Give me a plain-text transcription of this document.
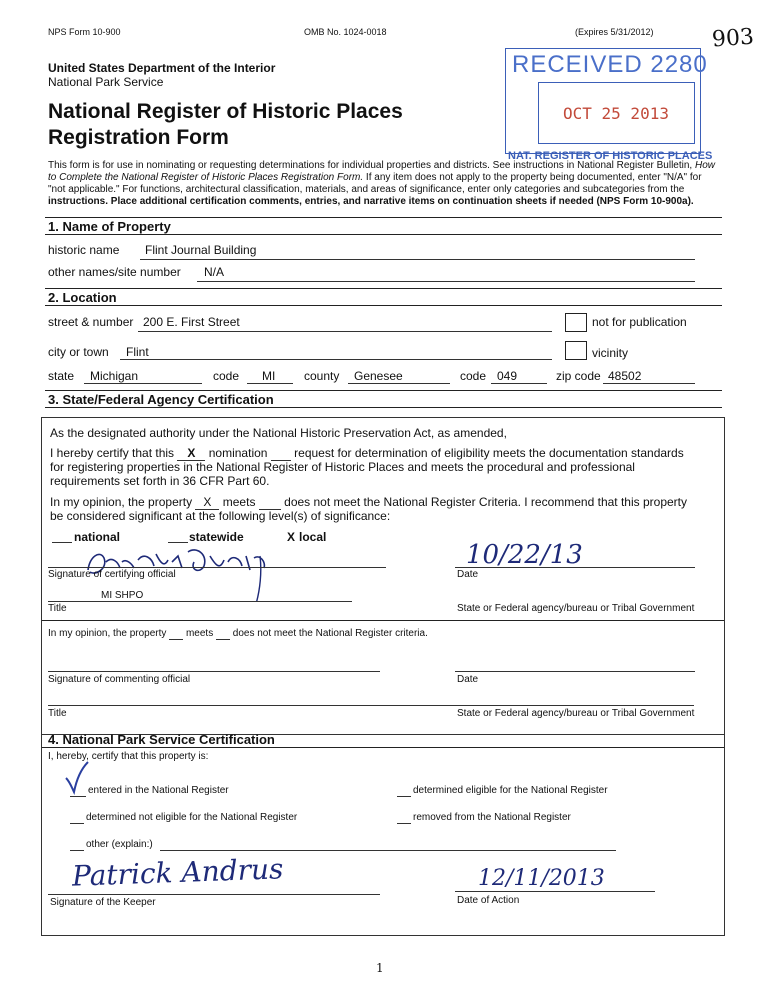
NPS Form 10-900	OMB No. 1024-0018	(Expires 5/31/2012)	903
RECEIVED 2280
OCT 25 2013
NAT. REGISTER OF HISTORIC PLACES
United States Department of the Interior
National Park Service
National Register of Historic Places
Registration Form
This form is for use in nominating or requesting determinations for individual properties and districts. See instructions in National Register Bulletin, How
to Complete the National Register of Historic Places Registration Form. If any item does not apply to the property being documented, enter "N/A" for
"not applicable." For functions, architectural classification, materials, and areas of significance, enter only categories and subcategories from the
instructions. Place additional certification comments, entries, and narrative items on continuation sheets if needed (NPS Form 10-900a).
1. Name of Property
historic name Flint Journal Building
other names/site number N/A
2. Location
street & number 200 E. First Street	not for publication
city or town Flint	vicinity
state Michigan	code MI county Genesee	code 049	zip code 48502
3. State/Federal Agency Certification
As the designated authority under the National Historic Preservation Act, as amended,
I hereby certify that this X nomination request for determination of eligibility meets the documentation standards
for registering properties in the National Register of Historic Places and meets the procedural and professional
requirements set forth in 36 CFR Part 60.
In my opinion, the property X meets does not meet the National Register Criteria. I recommend that this property
be considered significant at the following level(s) of significance:
national	statewide	X local
Signature of certifying official
10/22/13
Date
MI SHPO
Title	State or Federal agency/bureau or Tribal Government
In my opinion, the property meets does not meet the National Register criteria.
Signature of commenting official	Date
Title	State or Federal agency/bureau or Tribal Government
4. National Park Service Certification
I, hereby, certify that this property is:
entered in the National Register	determined eligible for the National Register
determined not eligible for the National Register	removed from the National Register
other (explain:)
Patrick Andrus
Signature of the Keeper
12/11/2013
Date of Action
1
